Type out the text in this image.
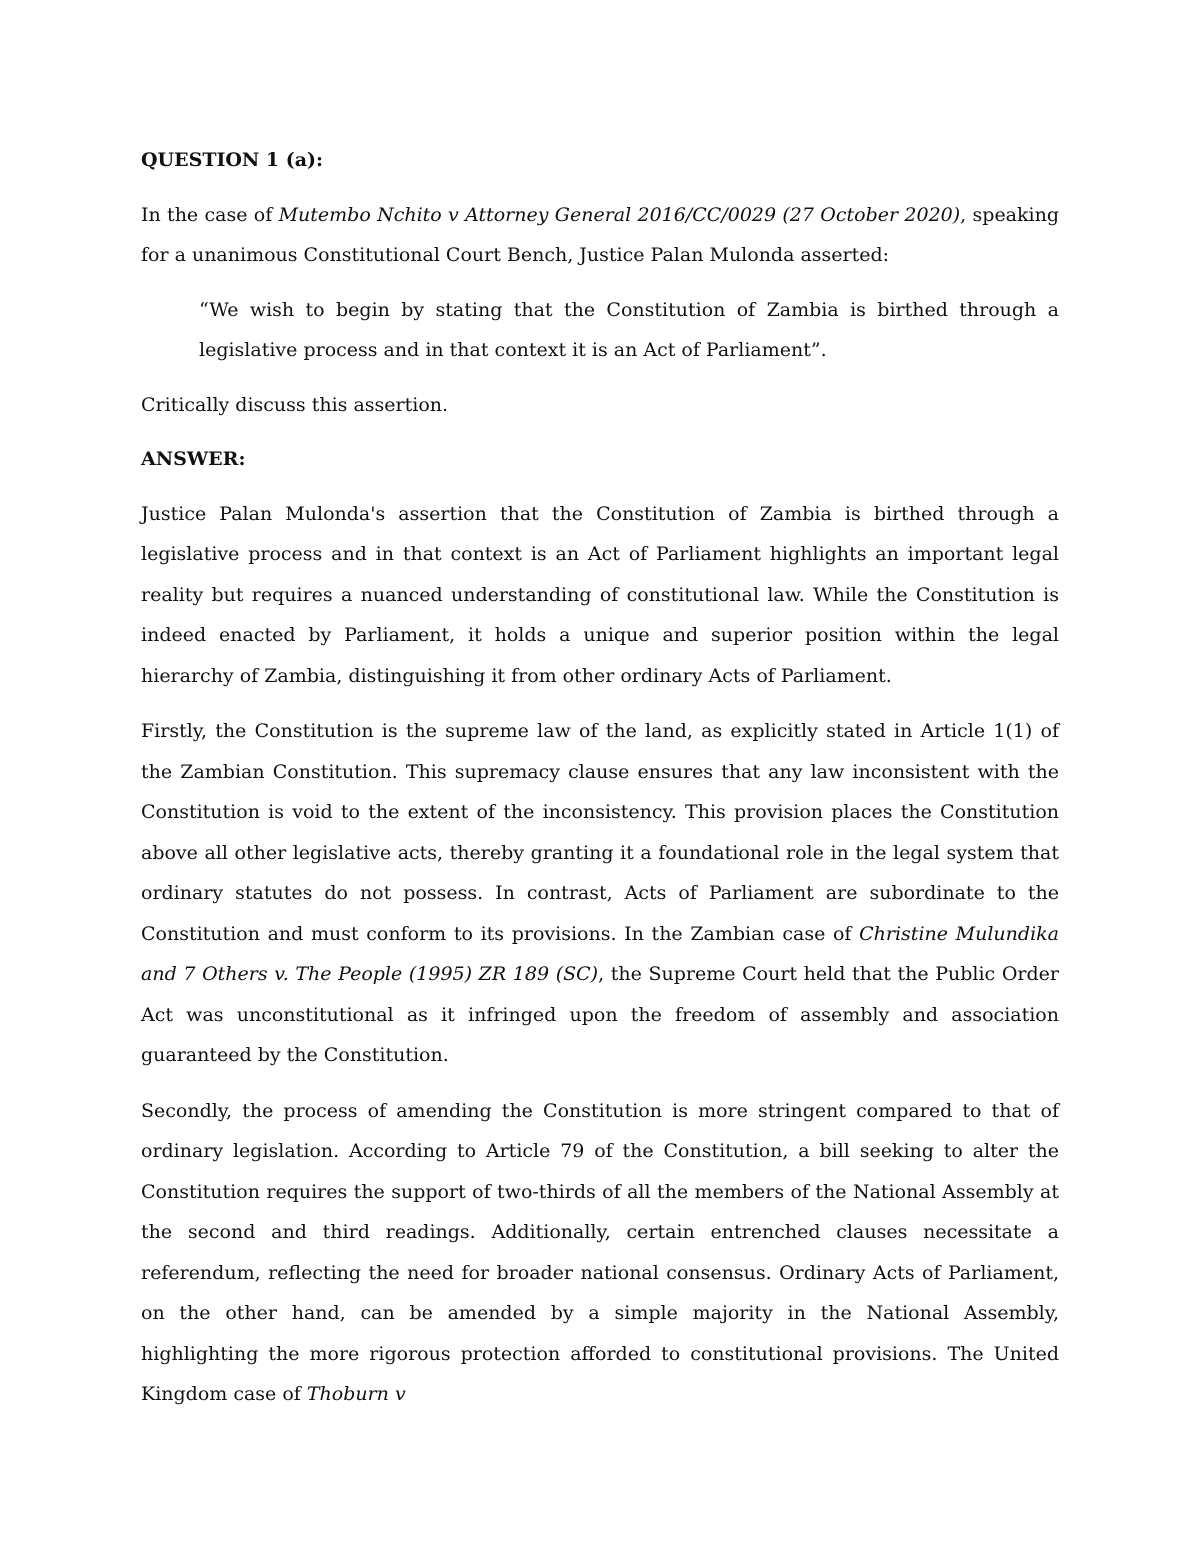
QUESTION 1 (a):

In the case of Mutembo Nchito v Attorney General 2016/CC/0029 (27 October 2020), speaking for a unanimous Constitutional Court Bench, Justice Palan Mulonda asserted:

“We wish to begin by stating that the Constitution of Zambia is birthed through a legislative process and in that context it is an Act of Parliament”.

Critically discuss this assertion.

ANSWER:

Justice Palan Mulonda's assertion that the Constitution of Zambia is birthed through a legislative process and in that context is an Act of Parliament highlights an important legal reality but requires a nuanced understanding of constitutional law. While the Constitution is indeed enacted by Parliament, it holds a unique and superior position within the legal hierarchy of Zambia, distinguishing it from other ordinary Acts of Parliament.

Firstly, the Constitution is the supreme law of the land, as explicitly stated in Article 1(1) of the Zambian Constitution. This supremacy clause ensures that any law inconsistent with the Constitution is void to the extent of the inconsistency. This provision places the Constitution above all other legislative acts, thereby granting it a foundational role in the legal system that ordinary statutes do not possess. In contrast, Acts of Parliament are subordinate to the Constitution and must conform to its provisions. In the Zambian case of Christine Mulundika and 7 Others v. The People (1995) ZR 189 (SC), the Supreme Court held that the Public Order Act was unconstitutional as it infringed upon the freedom of assembly and association guaranteed by the Constitution.

Secondly, the process of amending the Constitution is more stringent compared to that of ordinary legislation. According to Article 79 of the Constitution, a bill seeking to alter the Constitution requires the support of two-thirds of all the members of the National Assembly at the second and third readings. Additionally, certain entrenched clauses necessitate a referendum, reflecting the need for broader national consensus. Ordinary Acts of Parliament, on the other hand, can be amended by a simple majority in the National Assembly, highlighting the more rigorous protection afforded to constitutional provisions. The United Kingdom case of Thoburn v
